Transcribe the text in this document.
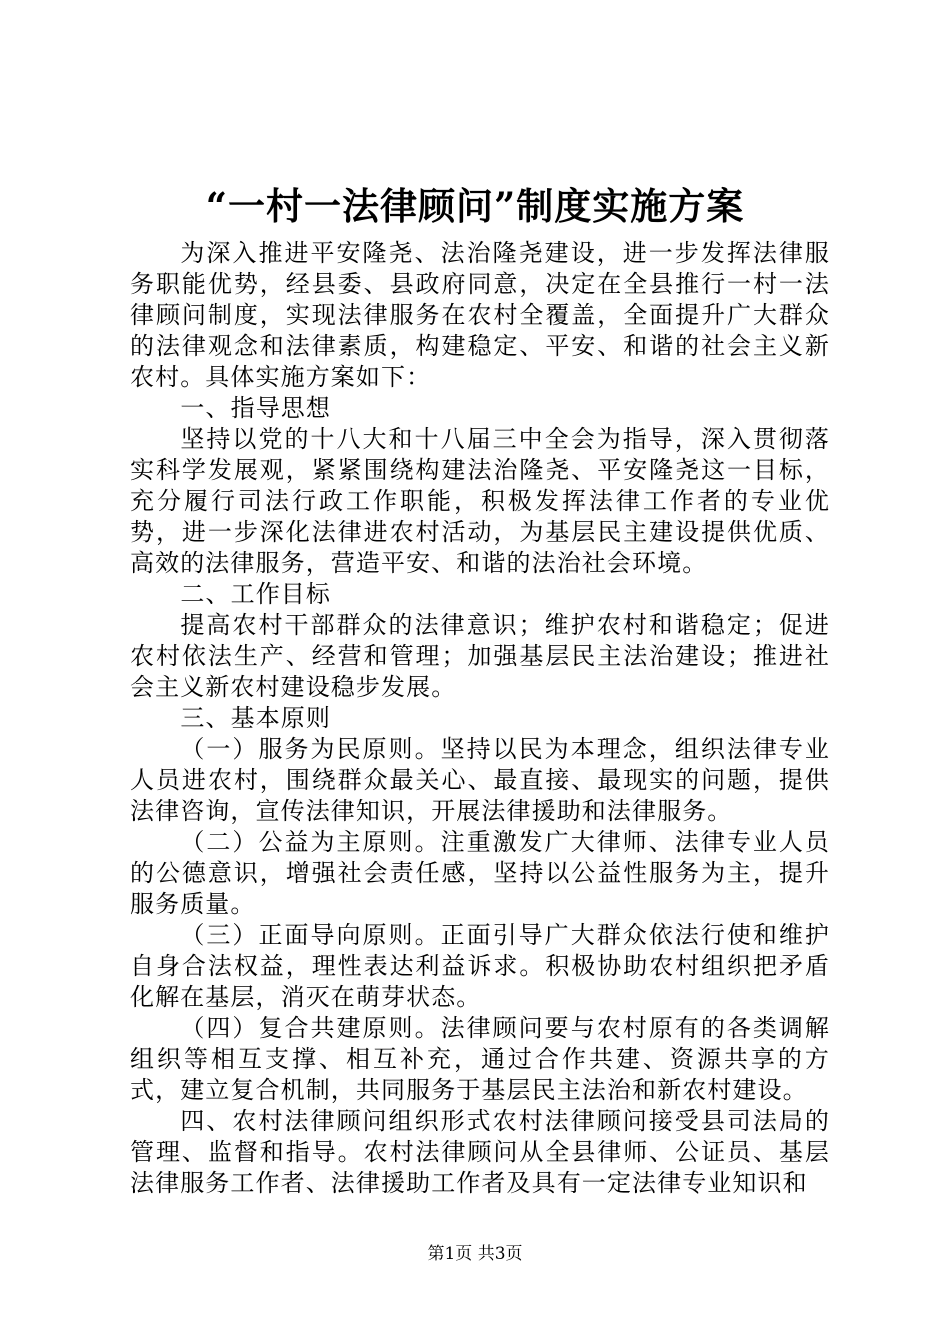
“一村一法律顾问”制度实施方案

为深入推进平安隆尧、法治隆尧建设，进一步发挥法律服务职能优势，经县委、县政府同意，决定在全县推行一村一法律顾问制度，实现法律服务在农村全覆盖，全面提升广大群众的法律观念和法律素质，构建稳定、平安、和谐的社会主义新农村。具体实施方案如下：

一、指导思想

坚持以党的十八大和十八届三中全会为指导，深入贯彻落实科学发展观，紧紧围绕构建法治隆尧、平安隆尧这一目标，充分履行司法行政工作职能，积极发挥法律工作者的专业优势，进一步深化法律进农村活动，为基层民主建设提供优质、高效的法律服务，营造平安、和谐的法治社会环境。

二、工作目标

提高农村干部群众的法律意识；维护农村和谐稳定；促进农村依法生产、经营和管理；加强基层民主法治建设；推进社会主义新农村建设稳步发展。

三、基本原则

（一）服务为民原则。坚持以民为本理念，组织法律专业人员进农村，围绕群众最关心、最直接、最现实的问题，提供法律咨询，宣传法律知识，开展法律援助和法律服务。

（二）公益为主原则。注重激发广大律师、法律专业人员的公德意识，增强社会责任感，坚持以公益性服务为主，提升服务质量。

（三）正面导向原则。正面引导广大群众依法行使和维护自身合法权益，理性表达利益诉求。积极协助农村组织把矛盾化解在基层，消灭在萌芽状态。

（四）复合共建原则。法律顾问要与农村原有的各类调解组织等相互支撑、相互补充，通过合作共建、资源共享的方式，建立复合机制，共同服务于基层民主法治和新农村建设。

四、农村法律顾问组织形式农村法律顾问接受县司法局的管理、监督和指导。农村法律顾问从全县律师、公证员、基层法律服务工作者、法律援助工作者及具有一定法律专业知识和

第1页 共3页
